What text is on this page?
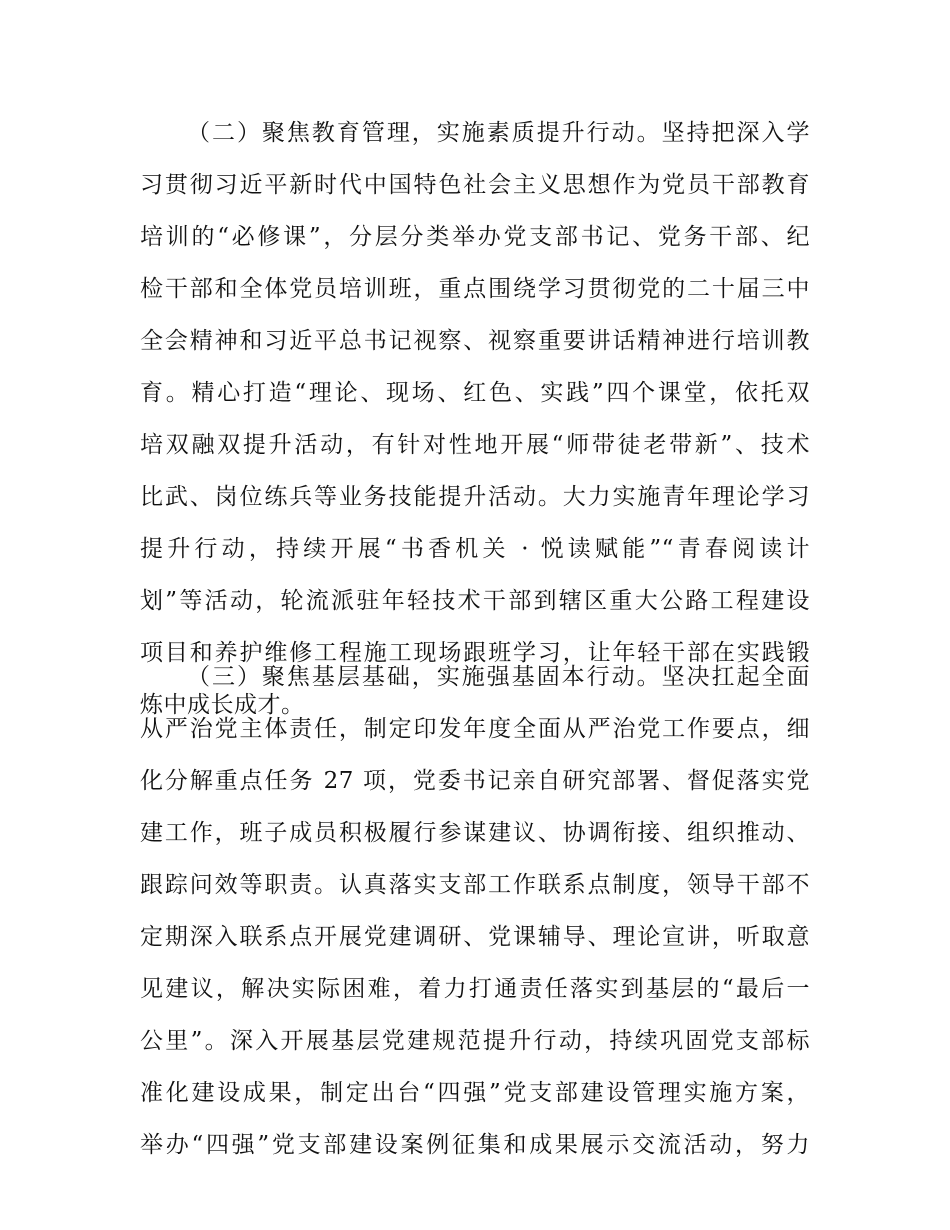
（二）聚焦教育管理，实施素质提升行动。坚持把深入学
习贯彻习近平新时代中国特色社会主义思想作为党员干部教育
培训的“必修课”，分层分类举办党支部书记、党务干部、纪
检干部和全体党员培训班，重点围绕学习贯彻党的二十届三中
全会精神和习近平总书记视察、视察重要讲话精神进行培训教
育。精心打造“理论、现场、红色、实践”四个课堂，依托双
培双融双提升活动，有针对性地开展“师带徒老带新”、技术
比武、岗位练兵等业务技能提升活动。大力实施青年理论学习
提升行动，持续开展“书香机关 · 悦读赋能”“青春阅读计
划”等活动，轮流派驻年轻技术干部到辖区重大公路工程建设
项目和养护维修工程施工现场跟班学习，让年轻干部在实践锻
炼中成长成才。
（三）聚焦基层基础，实施强基固本行动。坚决扛起全面
从严治党主体责任，制定印发年度全面从严治党工作要点，细
化分解重点任务 27 项，党委书记亲自研究部署、督促落实党
建工作，班子成员积极履行参谋建议、协调衔接、组织推动、
跟踪问效等职责。认真落实支部工作联系点制度，领导干部不
定期深入联系点开展党建调研、党课辅导、理论宣讲，听取意
见建议，解决实际困难，着力打通责任落实到基层的“最后一
公里”。深入开展基层党建规范提升行动，持续巩固党支部标
准化建设成果，制定出台“四强”党支部建设管理实施方案，
举办“四强”党支部建设案例征集和成果展示交流活动，努力
